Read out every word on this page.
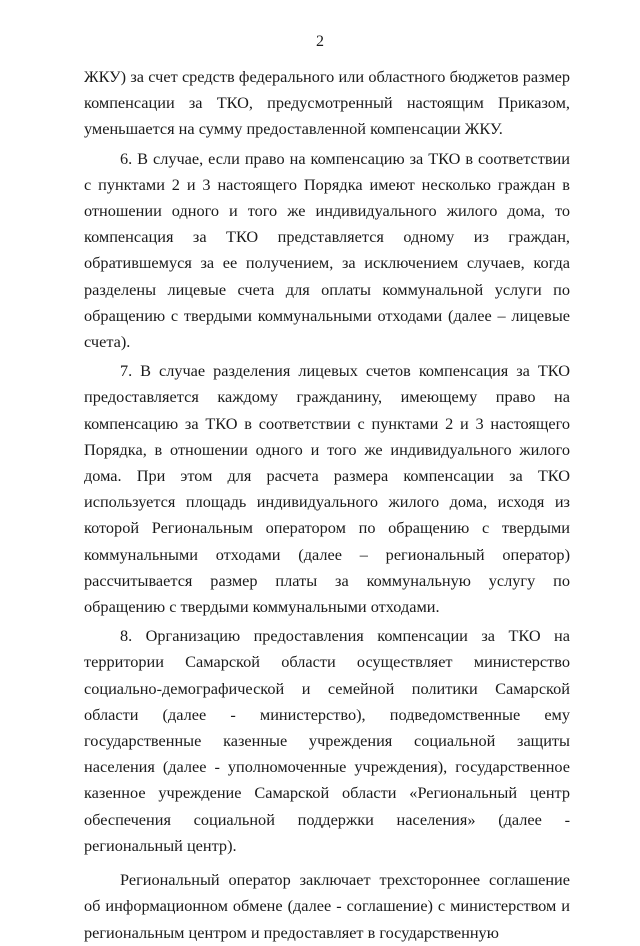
2

ЖКУ) за счет средств федерального или областного бюджетов размер компенсации за ТКО, предусмотренный настоящим Приказом, уменьшается на сумму предоставленной компенсации ЖКУ.

6. В случае, если право на компенсацию за ТКО в соответствии с пунктами 2 и 3 настоящего Порядка имеют несколько граждан в отношении одного и того же индивидуального жилого дома, то компенсация за ТКО представляется одному из граждан, обратившемуся за ее получением, за исключением случаев, когда разделены лицевые счета для оплаты коммунальной услуги по обращению с твердыми коммунальными отходами (далее – лицевые счета).

7. В случае разделения лицевых счетов компенсация за ТКО предоставляется каждому гражданину, имеющему право на компенсацию за ТКО в соответствии с пунктами 2 и 3 настоящего Порядка, в отношении одного и того же индивидуального жилого дома. При этом для расчета размера компенсации за ТКО используется площадь индивидуального жилого дома, исходя из которой Региональным оператором по обращению с твердыми коммунальными отходами (далее – региональный оператор) рассчитывается размер платы за коммунальную услугу по обращению с твердыми коммунальными отходами.

8. Организацию предоставления компенсации за ТКО на территории Самарской области осуществляет министерство социально-демографической и семейной политики Самарской области (далее - министерство), подведомственные ему государственные казенные учреждения социальной защиты населения (далее - уполномоченные учреждения), государственное казенное учреждение Самарской области «Региональный центр обеспечения социальной поддержки населения» (далее - региональный центр).

Региональный оператор заключает трехстороннее соглашение об информационном обмене (далее - соглашение) с министерством и региональным центром и предоставляет в государственную
